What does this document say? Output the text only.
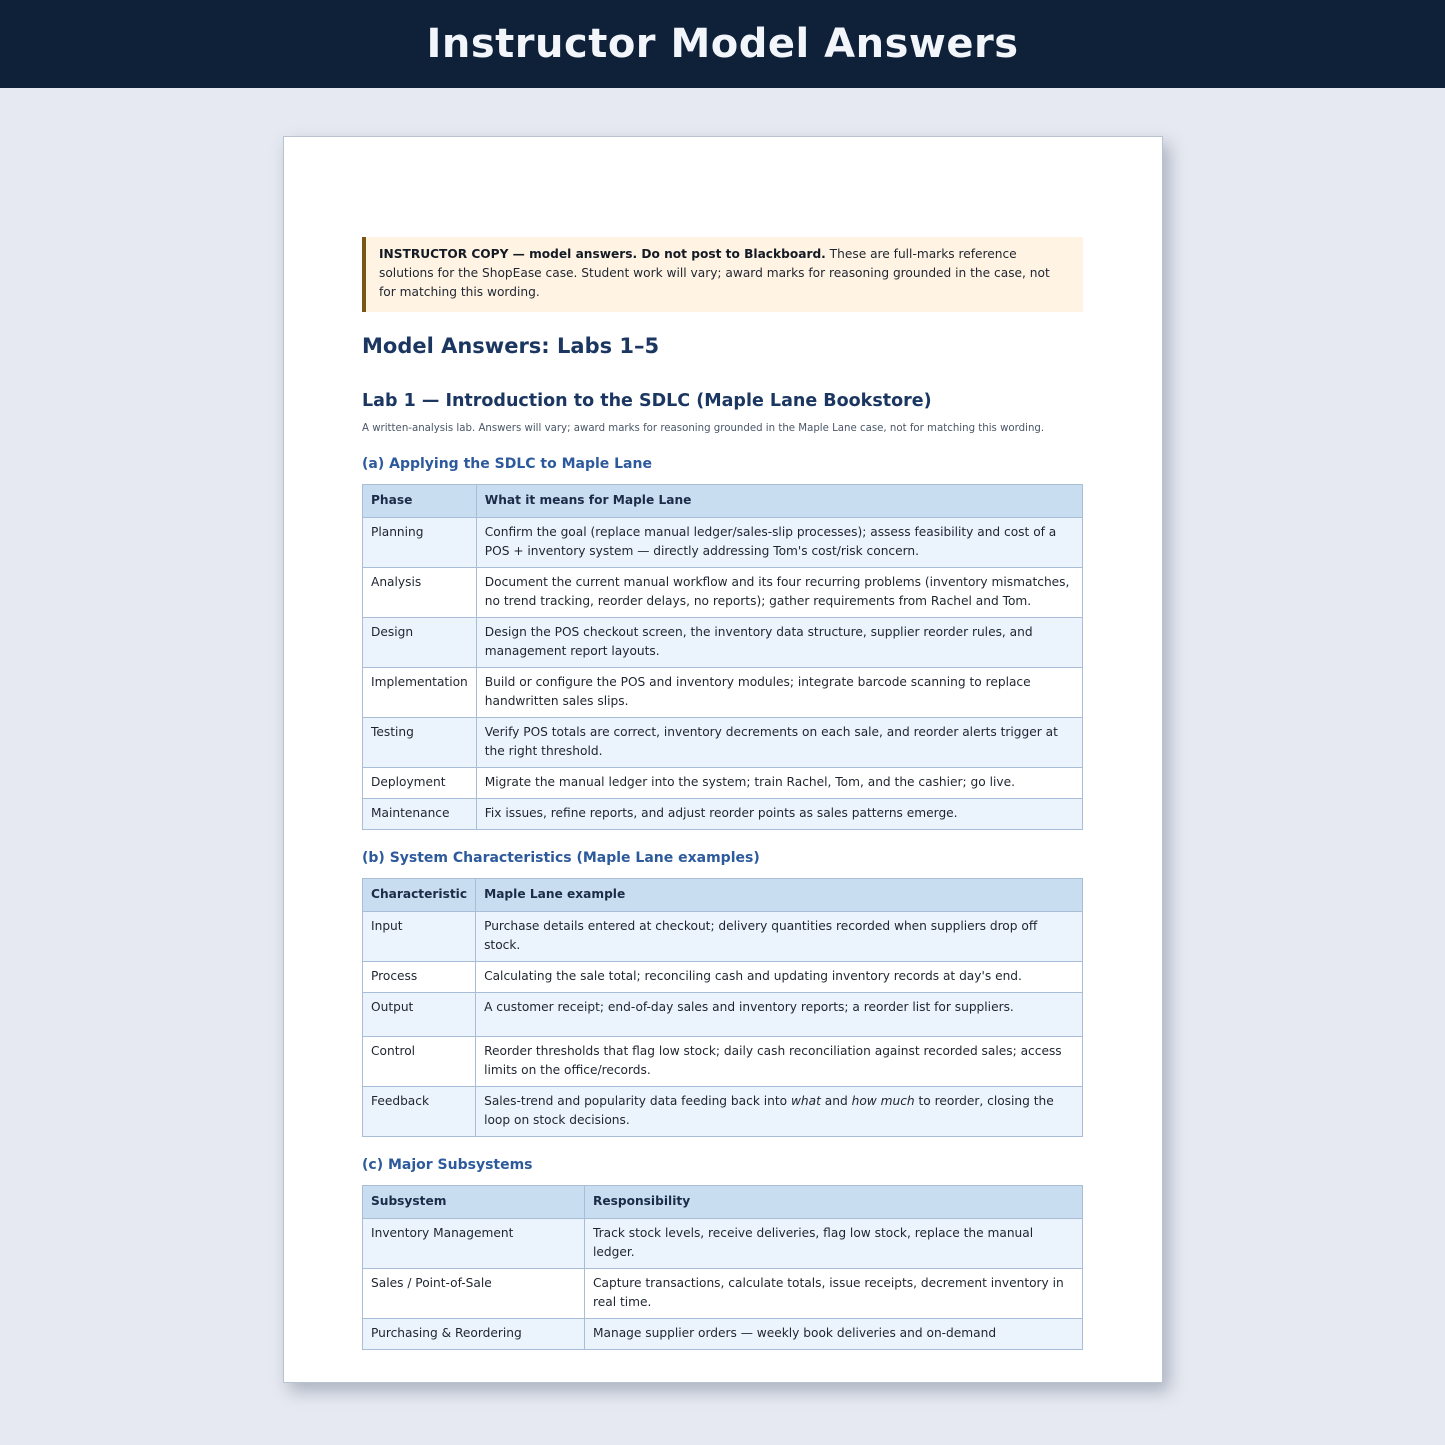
Instructor Model Answers
INSTRUCTOR COPY — model answers. Do not post to Blackboard. These are full-marks reference solutions for the ShopEase case. Student work will vary; award marks for reasoning grounded in the case, not for matching this wording.
Model Answers: Labs 1–5
Lab 1 — Introduction to the SDLC (Maple Lane Bookstore)

A written-analysis lab. Answers will vary; award marks for reasoning grounded in the Maple Lane case, not for matching this wording.

(a) Applying the SDLC to Maple Lane
Phase	What it means for Maple Lane
Planning	Confirm the goal (replace manual ledger/sales-slip processes); assess feasibility and cost of a POS + inventory system — directly addressing Tom's cost/risk concern.
Analysis	Document the current manual workflow and its four recurring problems (inventory mismatches, no trend tracking, reorder delays, no reports); gather requirements from Rachel and Tom.
Design	Design the POS checkout screen, the inventory data structure, supplier reorder rules, and management report layouts.
Implementation	Build or configure the POS and inventory modules; integrate barcode scanning to replace handwritten sales slips.
Testing	Verify POS totals are correct, inventory decrements on each sale, and reorder alerts trigger at the right threshold.
Deployment	Migrate the manual ledger into the system; train Rachel, Tom, and the cashier; go live.
Maintenance	Fix issues, refine reports, and adjust reorder points as sales patterns emerge.
(b) System Characteristics (Maple Lane examples)
Characteristic	Maple Lane example
Input	Purchase details entered at checkout; delivery quantities recorded when suppliers drop off stock.
Process	Calculating the sale total; reconciling cash and updating inventory records at day's end.
Output	A customer receipt; end-of-day sales and inventory reports; a reorder list for suppliers.
Control	Reorder thresholds that flag low stock; daily cash reconciliation against recorded sales; access limits on the office/records.
Feedback	Sales-trend and popularity data feeding back into what and how much to reorder, closing the loop on stock decisions.
(c) Major Subsystems
Subsystem	Responsibility
Inventory Management	Track stock levels, receive deliveries, flag low stock, replace the manual ledger.
Sales / Point-of-Sale	Capture transactions, calculate totals, issue receipts, decrement inventory in real time.
Purchasing & Reordering	Manage supplier orders — weekly book deliveries and on-demand
